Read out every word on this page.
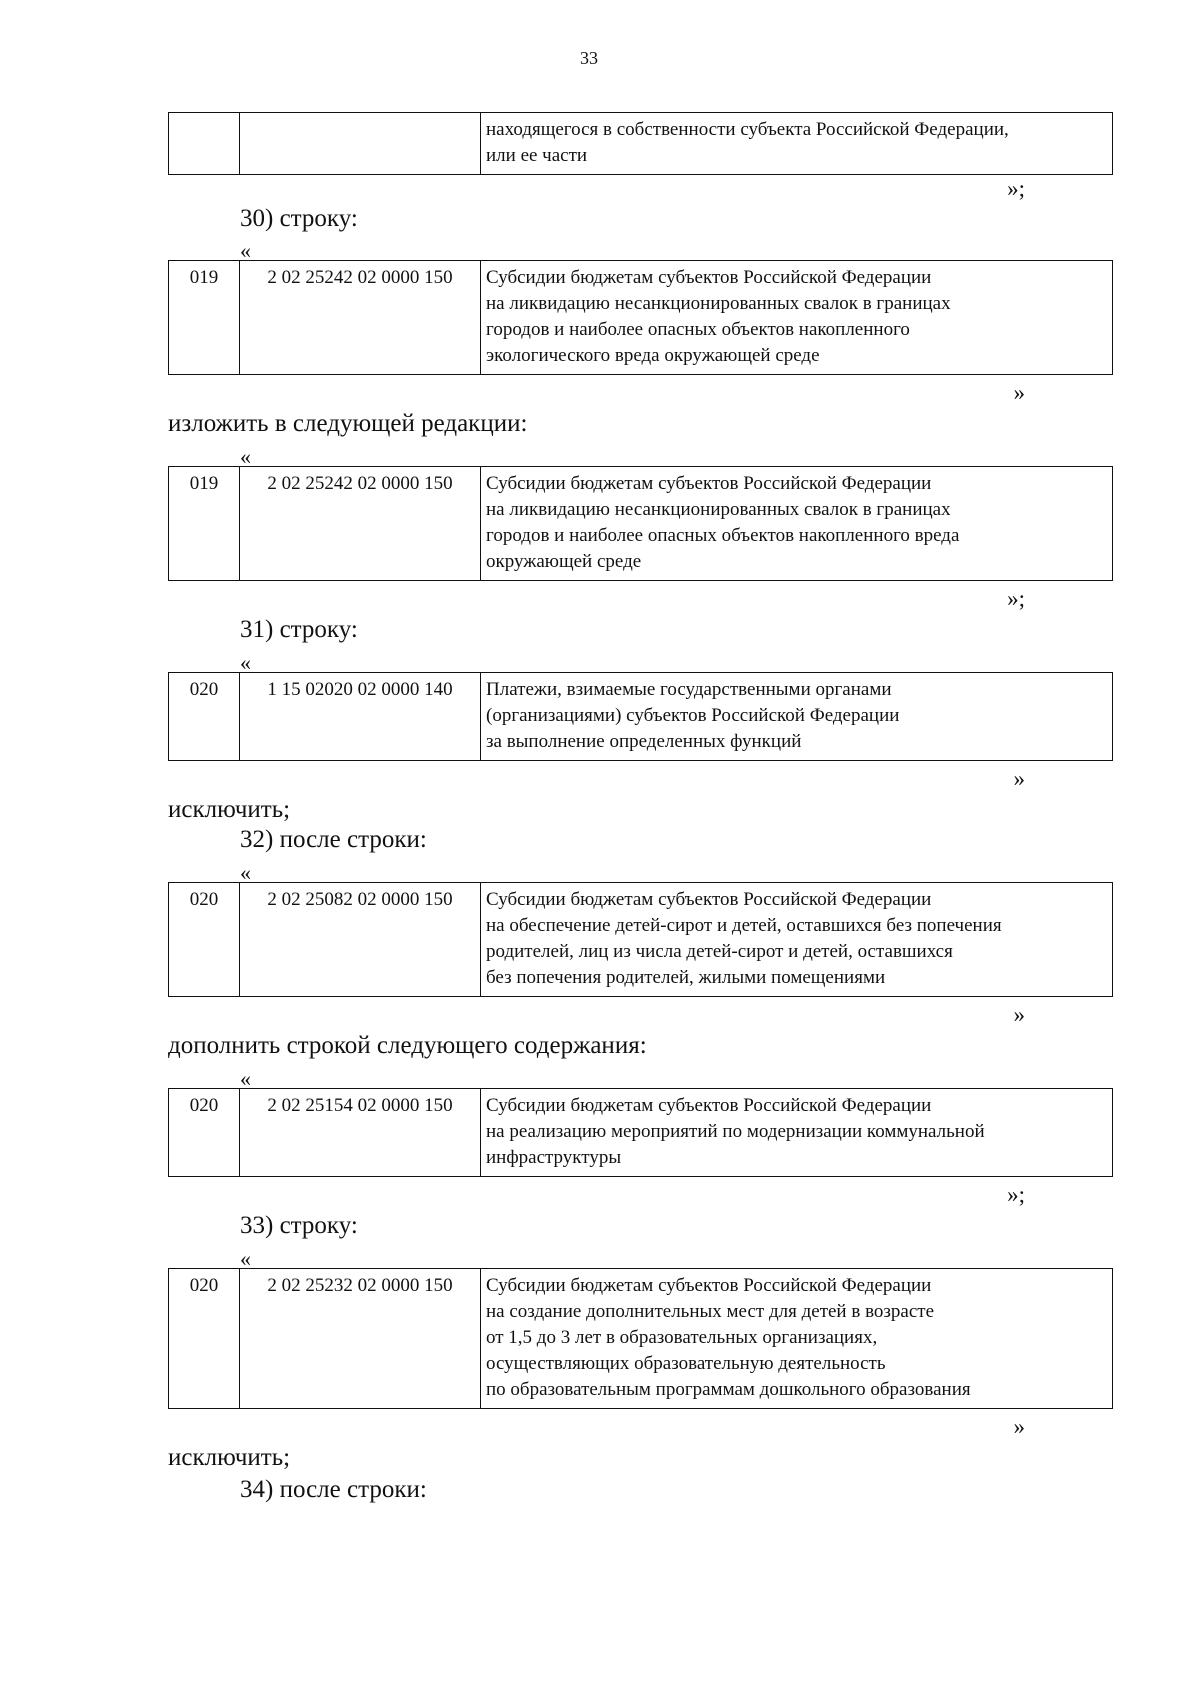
33

находящегося в собственности субъекта Российской Федерации,
или ее части
»;
30) строку:
«
019	2 02 25242 02 0000 150	Субсидии бюджетам субъектов Российской Федерации
на ликвидацию несанкционированных свалок в границах
городов и наиболее опасных объектов накопленного
экологического вреда окружающей среде
»
изложить в следующей редакции:
«
019	2 02 25242 02 0000 150	Субсидии бюджетам субъектов Российской Федерации
на ликвидацию несанкционированных свалок в границах
городов и наиболее опасных объектов накопленного вреда
окружающей среде
»;
31) строку:
«
020	1 15 02020 02 0000 140	Платежи, взимаемые государственными органами
(организациями) субъектов Российской Федерации
за выполнение определенных функций
»
исключить;
32) после строки:
«
020	2 02 25082 02 0000 150	Субсидии бюджетам субъектов Российской Федерации
на обеспечение детей-сирот и детей, оставшихся без попечения
родителей, лиц из числа детей-сирот и детей, оставшихся
без попечения родителей, жилыми помещениями
»
дополнить строкой следующего содержания:
«
020	2 02 25154 02 0000 150	Субсидии бюджетам субъектов Российской Федерации
на реализацию мероприятий по модернизации коммунальной
инфраструктуры
»;
33) строку:
«
020	2 02 25232 02 0000 150	Субсидии бюджетам субъектов Российской Федерации
на создание дополнительных мест для детей в возрасте
от 1,5 до 3 лет в образовательных организациях,
осуществляющих образовательную деятельность
по образовательным программам дошкольного образования
»
исключить;
34) после строки:
